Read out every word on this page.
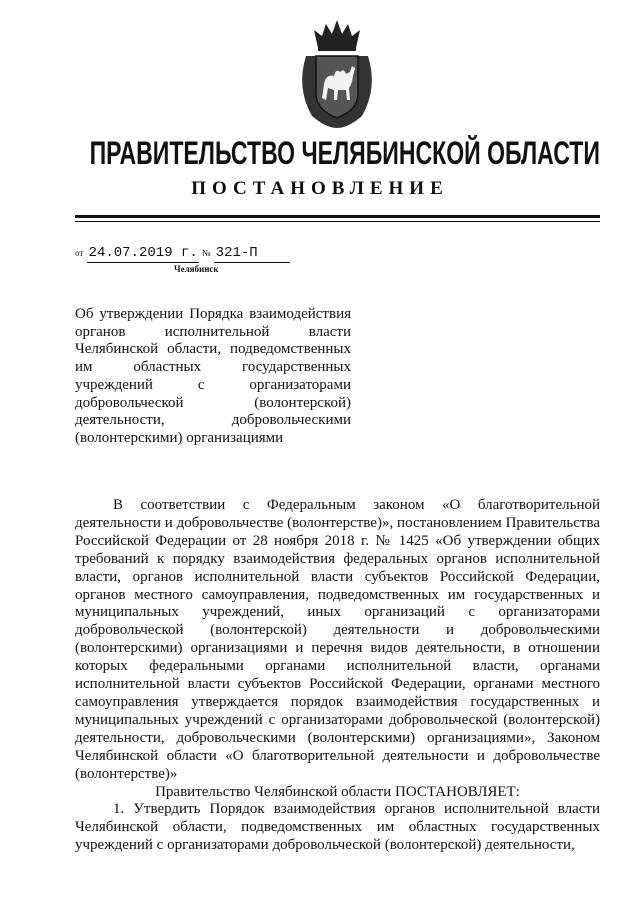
ПРАВИТЕЛЬСТВО ЧЕЛЯБИНСКОЙ ОБЛАСТИ
ПОСТАНОВЛЕНИЕ
от 24.07.2019 г. № 321-П
Челябинск
Об утверждении Порядка взаимодействия органов исполнительной власти Челябинской области, подведомственных им областных государственных учреждений с организаторами добровольческой (волонтерской) деятельности, добровольческими (волонтерскими) организациями

В соответствии с Федеральным законом «О благотворительной деятельности и добровольчестве (волонтерстве)», постановлением Правительства Российской Федерации от 28 ноября 2018 г. № 1425 «Об утверждении общих требований к порядку взаимодействия федеральных органов исполнительной власти, органов исполнительной власти субъектов Российской Федерации, органов местного самоуправления, подведомственных им государственных и муниципальных учреждений, иных организаций с организаторами добровольческой (волонтерской) деятельности и добровольческими (волонтерскими) организациями и перечня видов деятельности, в отношении которых федеральными органами исполнительной власти, органами исполнительной власти субъектов Российской Федерации, органами местного самоуправления утверждается порядок взаимодействия государственных и муниципальных учреждений с организаторами добровольческой (волонтерской) деятельности, добровольческими (волонтерскими) организациями», Законом Челябинской области «О благотворительной деятельности и добровольчестве (волонтерстве)»

Правительство Челябинской области ПОСТАНОВЛЯЕТ:

1. Утвердить Порядок взаимодействия органов исполнительной власти Челябинской области, подведомственных им областных государственных учреждений с организаторами добровольческой (волонтерской) деятельности,
